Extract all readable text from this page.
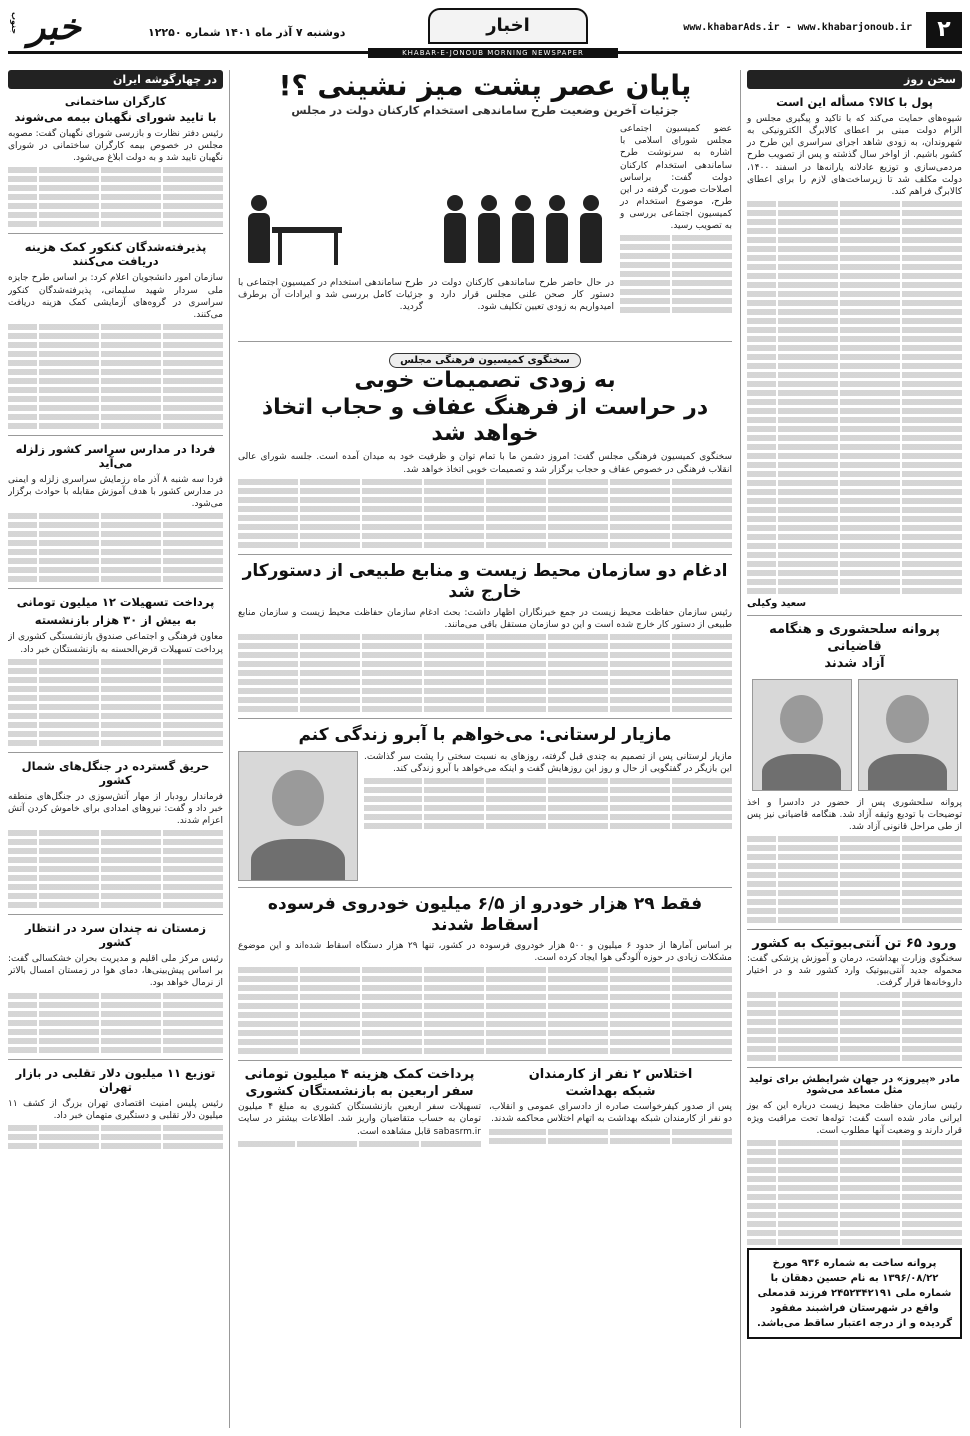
۲
www.khabarAds.ir - www.khabarjonoub.ir
اخبار
KHABAR-E-JONOUB MORNING NEWSPAPER
دوشنبه ۷ آذر ماه ۱۴۰۱ شماره ۱۲۲۵۰
خبر
جنوب
سخن روز
پول با کالا؟ مسأله این است
شیوه‌های حمایت می‌کند که با تاکید و پیگیری مجلس و الزام دولت مبنی بر اعطای کالابرگ الکترونیکی به شهروندان، به زودی شاهد اجرای سراسری این طرح در کشور باشیم. از اواخر سال گذشته و پس از تصویب طرح مردمی‌سازی و توزیع عادلانه یارانه‌ها در اسفند ۱۴۰۰، دولت مکلف شد تا زیرساخت‌های لازم را برای اعطای کالابرگ فراهم کند.
سعید وکیلی
پروانه سلحشوری و هنگامه قاضیانی
آزاد شدند
پروانه سلحشوری پس از حضور در دادسرا و اخذ توضیحات با تودیع وثیقه آزاد شد. هنگامه قاضیانی نیز پس از طی مراحل قانونی آزاد شد.
ورود ۶۵ تن آنتی‌بیوتیک به کشور
سخنگوی وزارت بهداشت، درمان و آموزش پزشکی گفت: محموله جدید آنتی‌بیوتیک وارد کشور شد و در اختیار داروخانه‌ها قرار گرفت.
مادر «پیروز» در جهان شرایطش برای تولید مثل مساعد می‌شود
رئیس سازمان حفاظت محیط زیست درباره این که یوز ایرانی مادر شده است گفت: توله‌ها تحت مراقبت ویژه قرار دارند و وضعیت آنها مطلوب است.
پروانه ساخت به شماره ۹۳۶ مورخ ۱۳۹۶/۰۸/۲۲ به نام حسین دهقان با شماره ملی ۲۴۵۲۳۴۲۱۹۱ فرزند قدمعلی واقع در شهرستان فراشبند مفقود گردیده و از درجه اعتبار ساقط می‌باشد.
در چهارگوشه ایران
کارگران ساختمانی
با تایید شورای نگهبان بیمه می‌شوند
رئیس دفتر نظارت و بازرسی شورای نگهبان گفت: مصوبه مجلس در خصوص بیمه کارگران ساختمانی در شورای نگهبان تایید شد و به دولت ابلاغ می‌شود.
پذیرفته‌شدگان کنکور کمک هزینه دریافت می‌کنند
سازمان امور دانشجویان اعلام کرد: بر اساس طرح جایزه ملی سردار شهید سلیمانی، پذیرفته‌شدگان کنکور سراسری در گروه‌های آزمایشی کمک هزینه دریافت می‌کنند.
فردا در مدارس سراسر کشور زلزله می‌آید
فردا سه شنبه ۸ آذر ماه رزمایش سراسری زلزله و ایمنی در مدارس کشور با هدف آموزش مقابله با حوادث برگزار می‌شود.
پرداخت تسهیلات ۱۲ میلیون تومانی
به بیش از ۳۰ هزار بازنشسته
معاون فرهنگی و اجتماعی صندوق بازنشستگی کشوری از پرداخت تسهیلات قرض‌الحسنه به بازنشستگان خبر داد.
حریق گسترده در جنگل‌های شمال کشور
فرماندار رودبار از مهار آتش‌سوزی در جنگل‌های منطقه خبر داد و گفت: نیروهای امدادی برای خاموش کردن آتش اعزام شدند.
زمستان نه چندان سرد در انتظار کشور
رئیس مرکز ملی اقلیم و مدیریت بحران خشکسالی گفت: بر اساس پیش‌بینی‌ها، دمای هوا در زمستان امسال بالاتر از نرمال خواهد بود.
توزیع ۱۱ میلیون دلار تقلبی در بازار تهران
رئیس پلیس امنیت اقتصادی تهران بزرگ از کشف ۱۱ میلیون دلار تقلبی و دستگیری متهمان خبر داد.
پایان عصر پشت میز نشینی ؟!
جزئیات آخرین وضعیت طرح ساماندهی استخدام کارکنان دولت در مجلس
عضو کمیسیون اجتماعی مجلس شورای اسلامی با اشاره به سرنوشت طرح ساماندهی استخدام کارکنان دولت گفت: براساس اصلاحات صورت گرفته در این طرح، موضوع استخدام در کمیسیون اجتماعی بررسی و به تصویب رسید.
در حال حاضر طرح ساماندهی کارکنان دولت در دستور کار صحن علنی مجلس قرار دارد و امیدواریم به زودی تعیین تکلیف شود.
طرح ساماندهی استخدام در کمیسیون اجتماعی با جزئیات کامل بررسی شد و ایرادات آن برطرف گردید.
سخنگوی کمیسیون فرهنگی مجلس
به زودی تصمیمات خوبی
در حراست از فرهنگ عفاف و حجاب اتخاذ خواهد شد
سخنگوی کمیسیون فرهنگی مجلس گفت: امروز دشمن ما با تمام توان و ظرفیت خود به میدان آمده است. جلسه شورای عالی انقلاب فرهنگی در خصوص عفاف و حجاب برگزار شد و تصمیمات خوبی اتخاذ خواهد شد.
ادغام دو سازمان محیط زیست و منابع طبیعی از دستورکار خارج شد
رئیس سازمان حفاظت محیط زیست در جمع خبرنگاران اظهار داشت: بحث ادغام سازمان حفاظت محیط زیست و سازمان منابع طبیعی از دستور کار خارج شده است و این دو سازمان مستقل باقی می‌مانند.
مازیار لرستانی: می‌خواهم با آبرو زندگی کنم
مازیار لرستانی پس از تصمیم به چندی قبل گرفته، روزهای به نسبت سختی را پشت سر گذاشت. این بازیگر در گفتگویی از حال و روز این روزهایش گفت و اینکه می‌خواهد با آبرو زندگی کند.
فقط ۲۹ هزار خودرو از ۶/۵ میلیون خودروی فرسوده اسقاط شدند
بر اساس آمارها از حدود ۶ میلیون و ۵۰۰ هزار خودروی فرسوده در کشور، تنها ۲۹ هزار دستگاه اسقاط شده‌اند و این موضوع مشکلات زیادی در حوزه آلودگی هوا ایجاد کرده است.
اختلاس ۲ نفر از کارمندان
شبکه بهداشت
پس از صدور کیفرخواست صادره از دادسرای عمومی و انقلاب، دو نفر از کارمندان شبکه بهداشت به اتهام اختلاس محاکمه شدند.
پرداخت کمک هزینه ۴ میلیون تومانی
سفر اربعین به بازنشستگان کشوری
تسهیلات سفر اربعین بازنشستگان کشوری به مبلغ ۴ میلیون تومان به حساب متقاضیان واریز شد. اطلاعات بیشتر در سایت sabasrm.ir قابل مشاهده است.
